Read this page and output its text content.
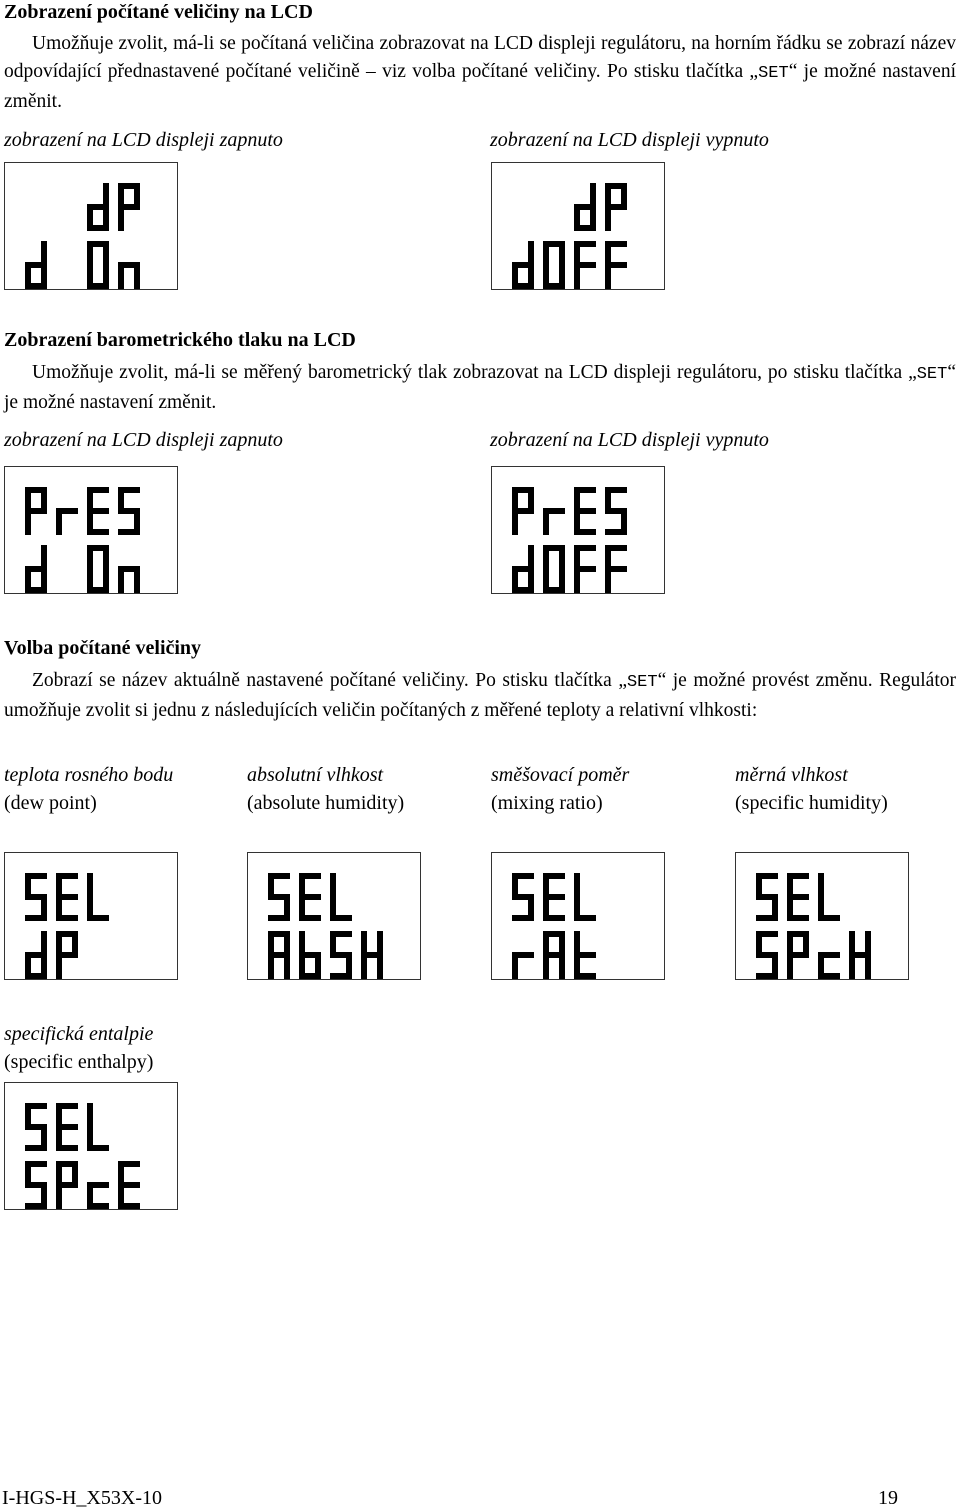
Zobrazení počítané veličiny na LCD
Umožňuje zvolit, má-li se počítaná veličina zobrazovat na LCD displeji regulátoru, na horním řádku se zobrazí název odpovídající přednastavené počítané veličině – viz volba počítané veličiny. Po stisku tlačítka „SET“ je možné nastavení změnit.
zobrazení na LCD displeji zapnuto	zobrazení na LCD displeji vypnuto
Zobrazení barometrického tlaku na LCD
Umožňuje zvolit, má-li se měřený barometrický tlak zobrazovat na LCD displeji regulátoru, po stisku tlačítka „SET“ je možné nastavení změnit.
zobrazení na LCD displeji zapnuto	zobrazení na LCD displeji vypnuto
Volba počítané veličiny
Zobrazí se název aktuálně nastavené počítané veličiny. Po stisku tlačítka „SET“ je možné provést změnu. Regulátor umožňuje zvolit si jednu z následujících veličin počítaných z měřené teploty a relativní vlhkosti:
teplota rosného bodu
(dew point)
absolutní vlhkost
(absolute humidity)
směšovací poměr
(mixing ratio)
měrná vlhkost
(specific humidity)
specifická entalpie
(specific enthalpy)
I-HGS-H_X53X-10	19
